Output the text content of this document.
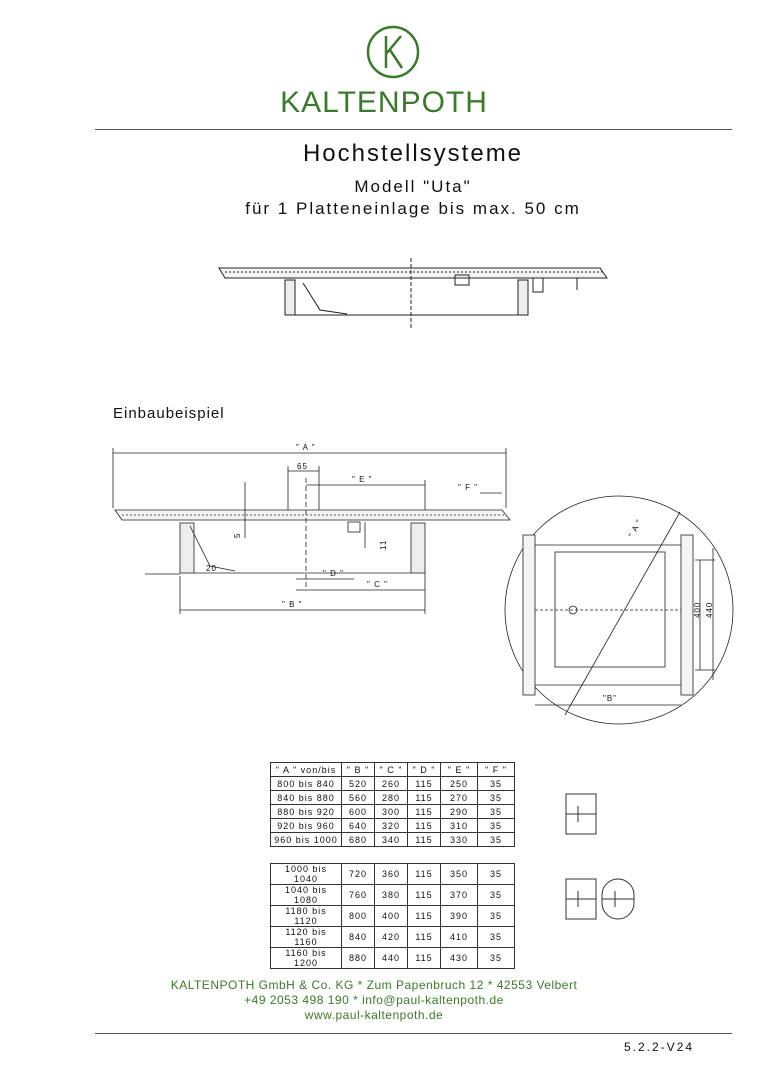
KALTENPOTH
Hochstellsysteme
Modell "Uta"
für 1 Platteneinlage bis max. 50 cm
Einbaubeispiel
" A "
65
" E "
" F "
5
11
20
" D "
" C "
" B "	400 440
"B"
" A "
" A " von/bis	" B "	" C "	" D "	" E "	" F "
800 bis 840	520	260	115	250	35
840 bis 880	560	280	115	270	35
880 bis 920	600	300	115	290	35
920 bis 960	640	320	115	310	35
960 bis 1000	680	340	115	330	35
1000 bis 1040	720	360	115	350	35
1040 bis 1080	760	380	115	370	35
1180 bis 1120	800	400	115	390	35
1120 bis 1160	840	420	115	410	35
1160 bis 1200	880	440	115	430	35
KALTENPOTH GmbH & Co. KG * Zum Papenbruch 12 * 42553 Velbert
+49 2053 498 190 * info@paul-kaltenpoth.de
www.paul-kaltenpoth.de
5.2.2-V24
